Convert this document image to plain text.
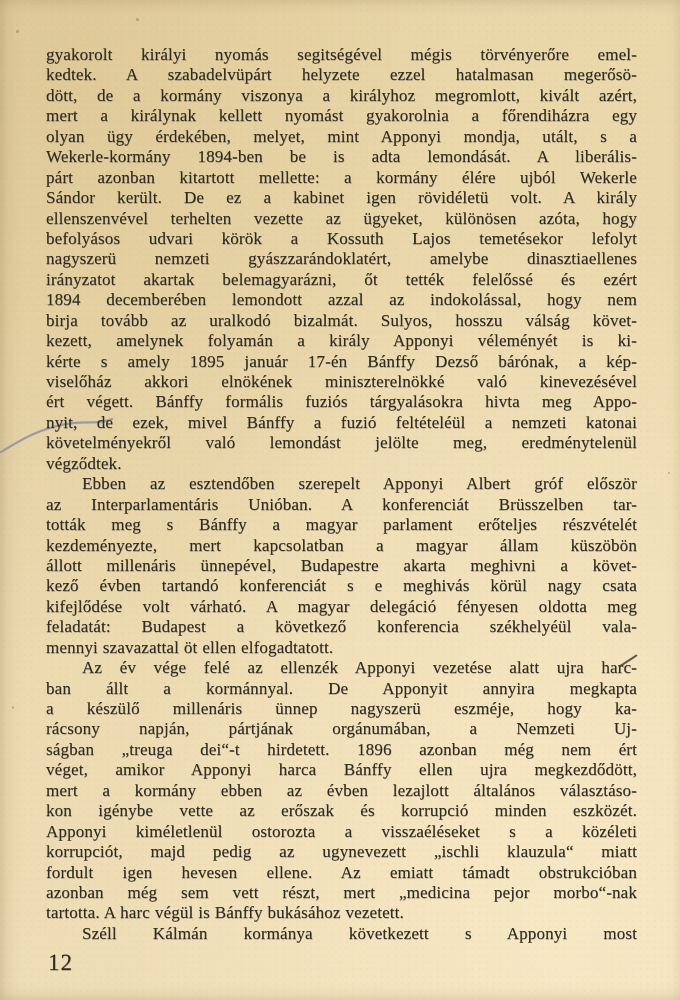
gyakorolt királyi nyomás segitségével mégis törvényerőre emel-
kedtek. A szabadelvüpárt helyzete ezzel hatalmasan megerősö-
dött, de a kormány viszonya a királyhoz megromlott, kivált azért,
mert a királynak kellett nyomást gyakorolnia a főrendiházra egy
olyan ügy érdekében, melyet, mint Apponyi mondja, utált, s a
Wekerle-kormány 1894-ben be is adta lemondását. A liberális-
párt azonban kitartott mellette: a kormány élére ujból Wekerle
Sándor került. De ez a kabinet igen rövidéletü volt. A király
ellenszenvével terhelten vezette az ügyeket, különösen azóta, hogy
befolyásos udvari körök a Kossuth Lajos temetésekor lefolyt
nagyszerü nemzeti gyászzarándoklatért, amelybe dinasztiaellenes
irányzatot akartak belemagyarázni, őt tették felelőssé és ezért
1894 decemberében lemondott azzal az indokolással, hogy nem
birja tovább az uralkodó bizalmát. Sulyos, hosszu válság követ-
kezett, amelynek folyamán a király Apponyi véleményét is ki-
kérte s amely 1895 január 17-én Bánffy Dezső bárónak, a kép-
viselőház akkori elnökének miniszterelnökké való kinevezésével
ért végett. Bánffy formális fuziós tárgyalásokra hivta meg Appo-
nyit, de ezek, mivel Bánffy a fuzió feltételéül a nemzeti katonai
követelményekről való lemondást jelölte meg, eredménytelenül
végződtek.
Ebben az esztendőben szerepelt Apponyi Albert gróf először
az Interparlamentáris Unióban. A konferenciát Brüsszelben tar-
tották meg s Bánffy a magyar parlament erőteljes részvételét
kezdeményezte, mert kapcsolatban a magyar állam küszöbön
állott millenáris ünnepével, Budapestre akarta meghivni a követ-
kező évben tartandó konferenciát s e meghivás körül nagy csata
kifejlődése volt várható. A magyar delegáció fényesen oldotta meg
feladatát: Budapest a következő konferencia székhelyéül vala-
mennyi szavazattal öt ellen elfogadtatott.
Az év vége felé az ellenzék Apponyi vezetése alatt ujra harc-
ban állt a kormánnyal. De Apponyit annyira megkapta
a készülő millenáris ünnep nagyszerü eszméje, hogy ka-
rácsony napján, pártjának orgánumában, a Nemzeti Uj-
ságban „treuga dei“-t hirdetett. 1896 azonban még nem ért
véget, amikor Apponyi harca Bánffy ellen ujra megkezdődött,
mert a kormány ebben az évben lezajlott általános választáso-
kon igénybe vette az erőszak és korrupció minden eszközét.
Apponyi kiméletlenül ostorozta a visszaéléseket s a közéleti
korrupciót, majd pedig az ugynevezett „ischli klauzula“ miatt
fordult igen hevesen ellene. Az emiatt támadt obstrukcióban
azonban még sem vett részt, mert „medicina pejor morbo“-nak
tartotta. A harc végül is Bánffy bukásához vezetett.
Széll Kálmán kormánya következett s Apponyi most
12
